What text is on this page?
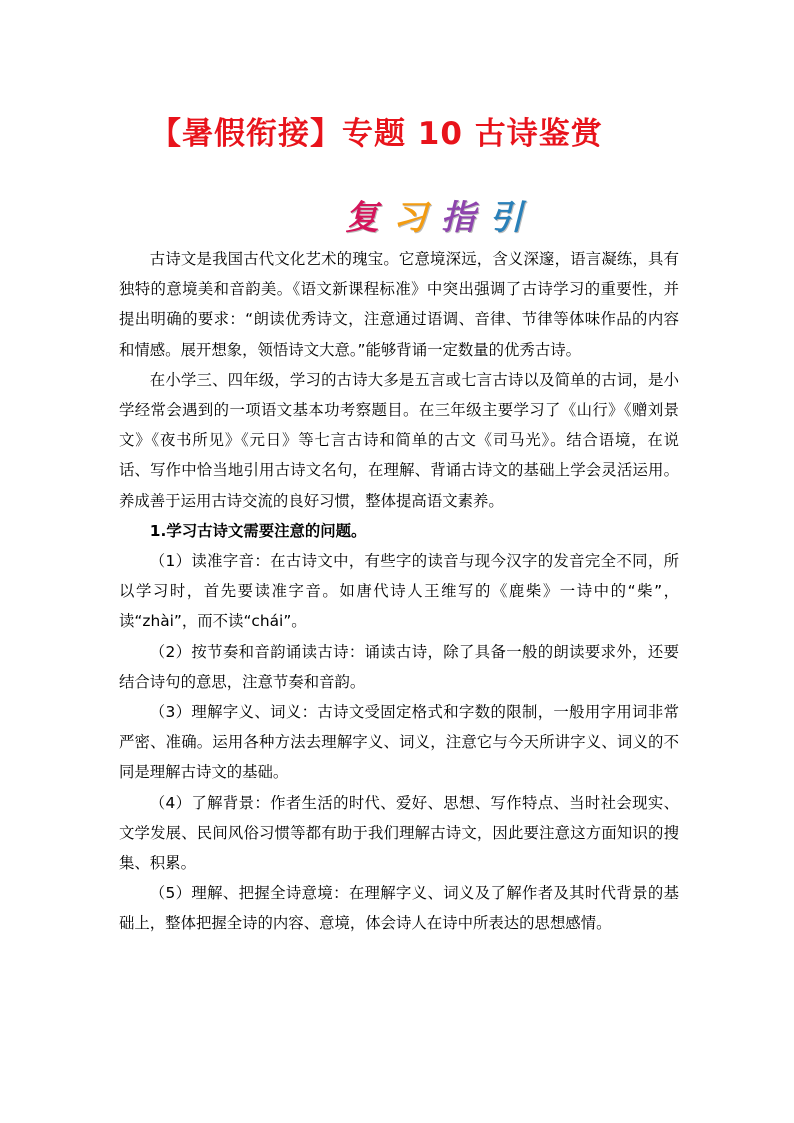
【暑假衔接】专题 10 古诗鉴赏
复 习 指 引

古诗文是我国古代文化艺术的瑰宝。它意境深远，含义深邃，语言凝练，具有独特的意境美和音韵美。《语文新课程标准》中突出强调了古诗学习的重要性，并提出明确的要求：“朗读优秀诗文，注意通过语调、音律、节律等体味作品的内容和情感。展开想象，领悟诗文大意。”能够背诵一定数量的优秀古诗。

在小学三、四年级，学习的古诗大多是五言或七言古诗以及简单的古词，是小学经常会遇到的一项语文基本功考察题目。在三年级主要学习了《山行》《赠刘景文》《夜书所见》《元日》等七言古诗和简单的古文《司马光》。结合语境，在说话、写作中恰当地引用古诗文名句，在理解、背诵古诗文的基础上学会灵活运用。养成善于运用古诗交流的良好习惯，整体提高语文素养。

1.学习古诗文需要注意的问题。

（1）读准字音：在古诗文中，有些字的读音与现今汉字的发音完全不同，所以学习时，首先要读准字音。如唐代诗人王维写的《鹿柴》一诗中的“柴”，读“zhài”，而不读“chái”。

（2）按节奏和音韵诵读古诗：诵读古诗，除了具备一般的朗读要求外，还要结合诗句的意思，注意节奏和音韵。

（3）理解字义、词义：古诗文受固定格式和字数的限制，一般用字用词非常严密、准确。运用各种方法去理解字义、词义，注意它与今天所讲字义、词义的不同是理解古诗文的基础。

（4）了解背景：作者生活的时代、爱好、思想、写作特点、当时社会现实、文学发展、民间风俗习惯等都有助于我们理解古诗文，因此要注意这方面知识的搜集、积累。

（5）理解、把握全诗意境：在理解字义、词义及了解作者及其时代背景的基础上，整体把握全诗的内容、意境，体会诗人在诗中所表达的思想感情。
